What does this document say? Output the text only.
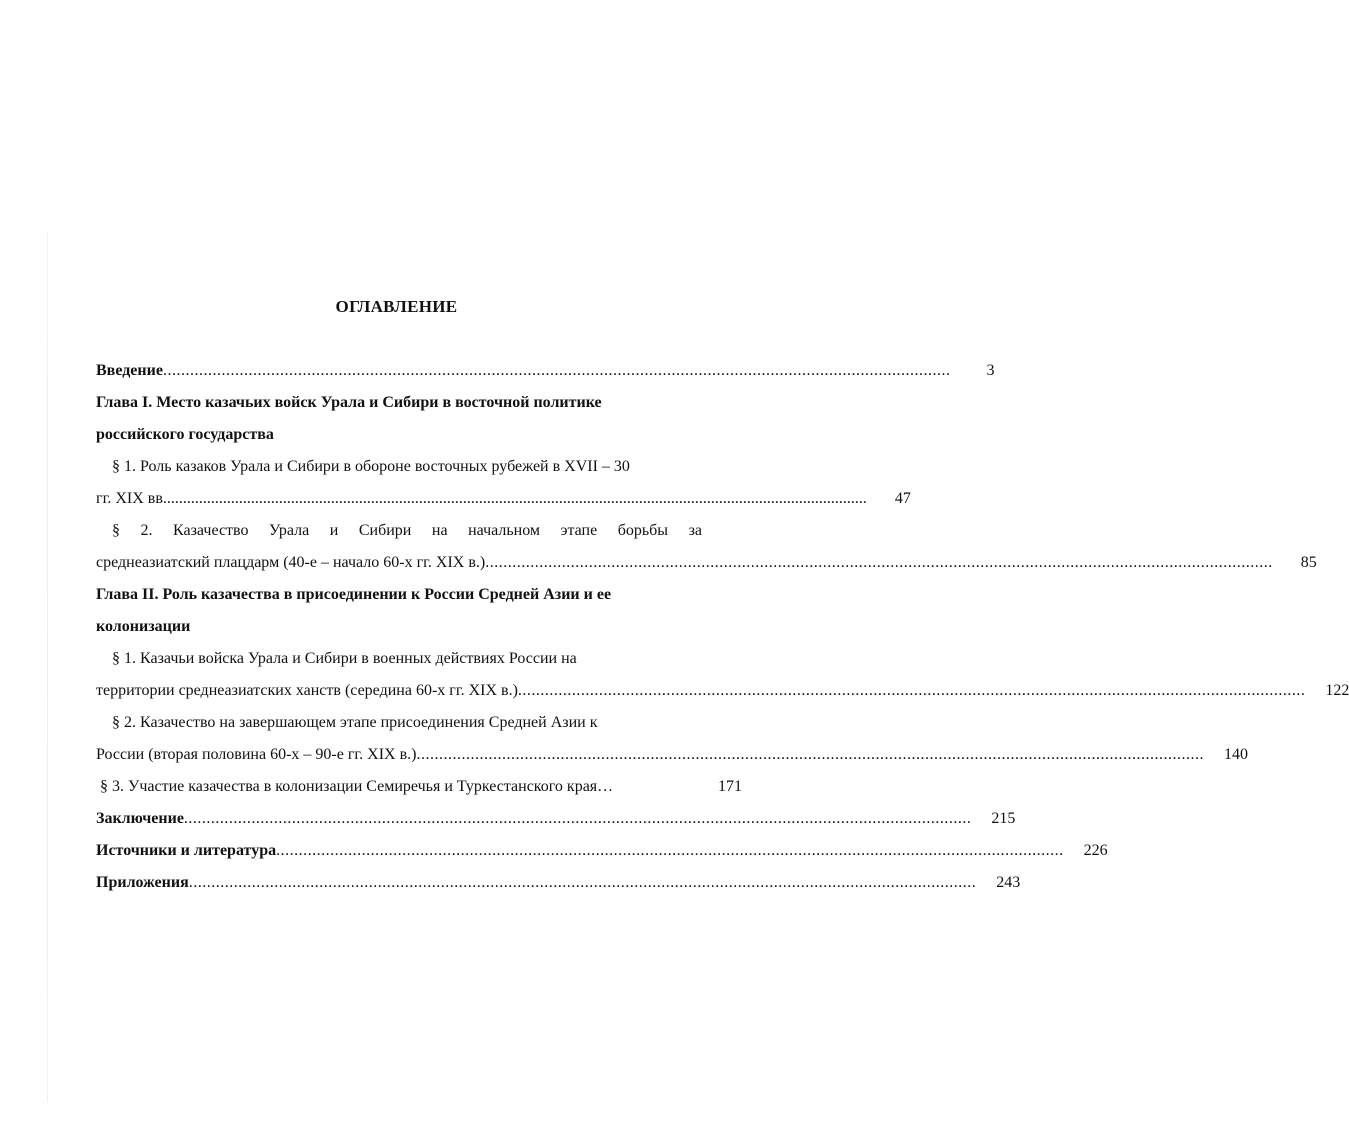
ОГЛАВЛЕНИЕ
Введение ...............................................................................................................................................................................	3
Глава I. Место казачьих войск Урала и Сибири в восточной политике
российского государства
§ 1. Роль казаков Урала и Сибири в обороне восточных рубежей в XVII – 30
гг. XIX вв. ...............................................................................................................................................................................	47
§ 2. Казачество Урала и Сибири на начальном этапе борьбы за
среднеазиатский плацдарм (40-е – начало 60-х гг. XIX в.) ...............................................................................................................................................................................	85
Глава II. Роль казачества в присоединении к России Средней Азии и ее
колонизации
§ 1. Казачьи войска Урала и Сибири в военных действиях России на
территории среднеазиатских ханств (середина 60-х гг. XIX в.) ...............................................................................................................................................................................	122
§ 2. Казачество на завершающем этапе присоединения Средней Азии к
России (вторая половина 60-х – 90-е гг. XIX в.) ...............................................................................................................................................................................	140
§ 3. Участие казачества в колонизации Семиречья и Туркестанского края…	171
Заключение ...............................................................................................................................................................................	215
Источники и литература ...............................................................................................................................................................................	226
Приложения ...............................................................................................................................................................................	243
